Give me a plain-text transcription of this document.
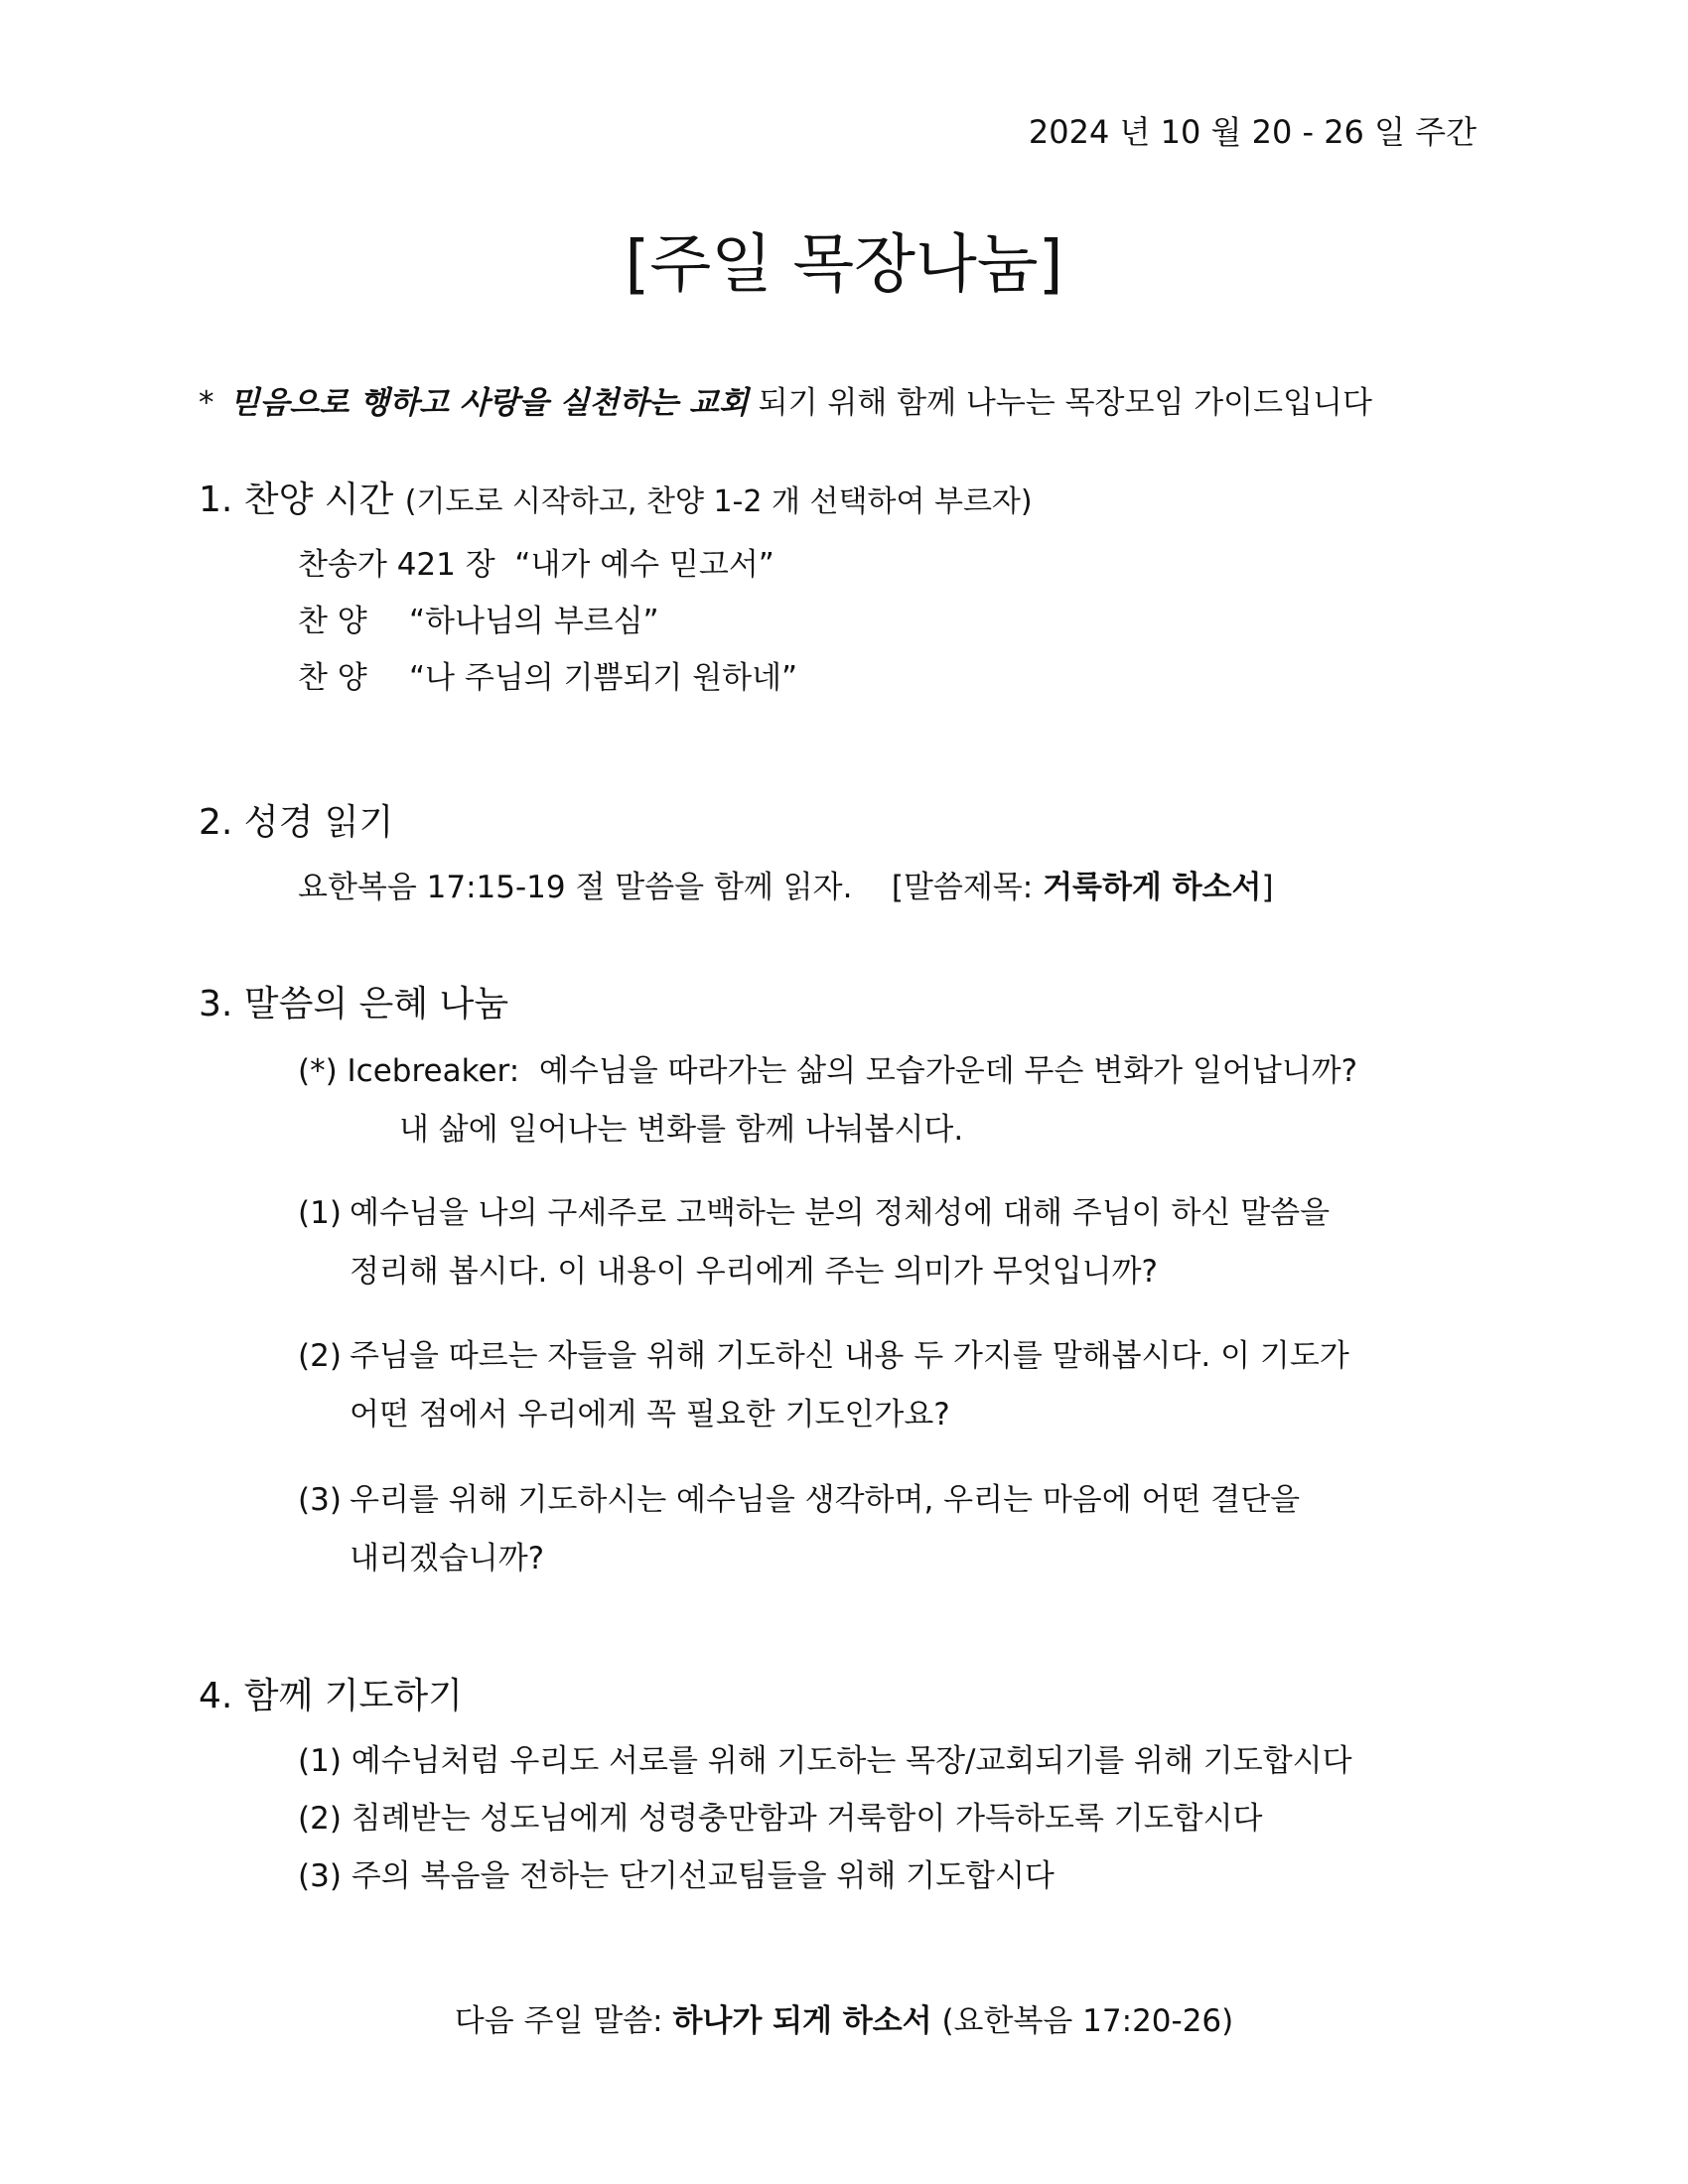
2024 년 10 월 20 - 26 일 주간
[주일 목장나눔]
* 믿음으로 행하고 사랑을 실천하는 교회 되기 위해 함께 나누는 목장모임 가이드입니다
1. 찬양 시간 (기도로 시작하고, 찬양 1-2 개 선택하여 부르자)
찬송가 421 장 “내가 예수 믿고서”
찬 양 “하나님의 부르심”
찬 양 “나 주님의 기쁨되기 원하네”
2. 성경 읽기
요한복음 17:15-19 절 말씀을 함께 읽자. [말씀제목: 거룩하게 하소서]
3. 말씀의 은혜 나눔
(*) Icebreaker: 예수님을 따라가는 삶의 모습가운데 무슨 변화가 일어납니까?
내 삶에 일어나는 변화를 함께 나눠봅시다.
(1) 예수님을 나의 구세주로 고백하는 분의 정체성에 대해 주님이 하신 말씀을
정리해 봅시다. 이 내용이 우리에게 주는 의미가 무엇입니까?
(2) 주님을 따르는 자들을 위해 기도하신 내용 두 가지를 말해봅시다. 이 기도가
어떤 점에서 우리에게 꼭 필요한 기도인가요?
(3) 우리를 위해 기도하시는 예수님을 생각하며, 우리는 마음에 어떤 결단을
내리겠습니까?
4. 함께 기도하기
(1) 예수님처럼 우리도 서로를 위해 기도하는 목장/교회되기를 위해 기도합시다
(2) 침례받는 성도님에게 성령충만함과 거룩함이 가득하도록 기도합시다
(3) 주의 복음을 전하는 단기선교팀들을 위해 기도합시다
다음 주일 말씀: 하나가 되게 하소서 (요한복음 17:20-26)
